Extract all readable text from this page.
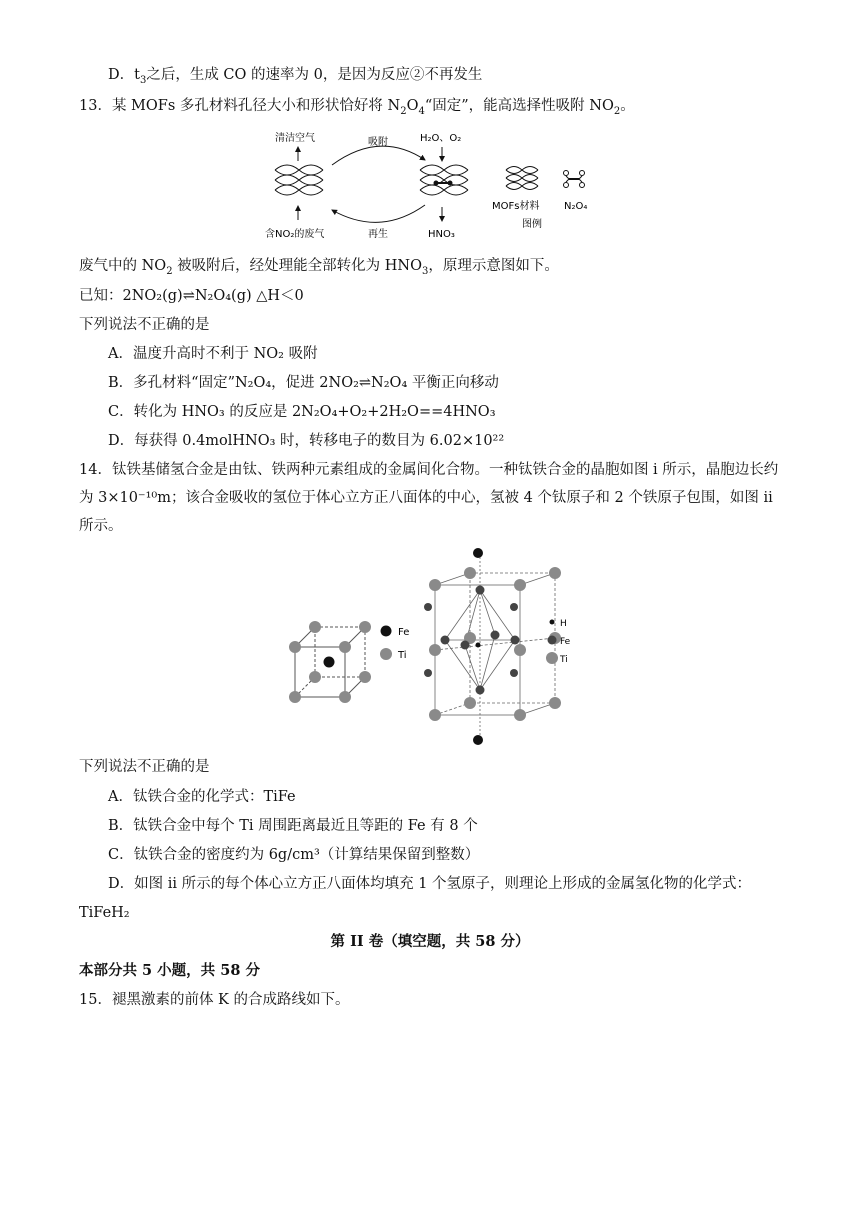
D．$t_3$之后，生成 CO 的速率为 0，是因为反应②不再发生
13．某 MOFs 多孔材料孔径大小和形状恰好将 $N_2O_4“$固定”，能高选择性吸附 $NO_2$。
清洁空气
含NO₂的废气
吸附
再生
H₂O、O₂
HNO₃
MOFs材料 N₂O₄
图例
废气中的 $NO_2$ 被吸附后，经处理能全部转化为 $HNO_3$，原理示意图如下。
已知：2NO₂(g)⇌N₂O₄(g) △H＜0
下列说法不正确的是
A．温度升高时不利于 NO₂ 吸附
B．多孔材料“固定”N₂O₄，促进 2NO₂⇌N₂O₄ 平衡正向移动
C．转化为 HNO₃ 的反应是 2N₂O₄+O₂+2H₂O==4HNO₃
D．每获得 0.4molHNO₃ 时，转移电子的数目为 6.02×10²²
14．钛铁基储氢合金是由钛、铁两种元素组成的金属间化合物。一种钛铁合金的晶胞如图 i 所示，晶胞边长约为 3×10⁻¹⁰m；该合金吸收的氢位于体心立方正八面体的中心，氢被 4 个钛原子和 2 个铁原子包围，如图 ii 所示。
Fe
Ti
H
Fe
Ti
下列说法不正确的是
A．钛铁合金的化学式：TiFe
B．钛铁合金中每个 Ti 周围距离最近且等距的 Fe 有 8 个
C．钛铁合金的密度约为 6g/cm³（计算结果保留到整数）
D．如图 ii 所示的每个体心立方正八面体均填充 1 个氢原子，则理论上形成的金属氢化物的化学式：
TiFeH₂
第 II 卷（填空题，共 58 分）
本部分共 5 小题，共 58 分
15．褪黑激素的前体 K 的合成路线如下。
